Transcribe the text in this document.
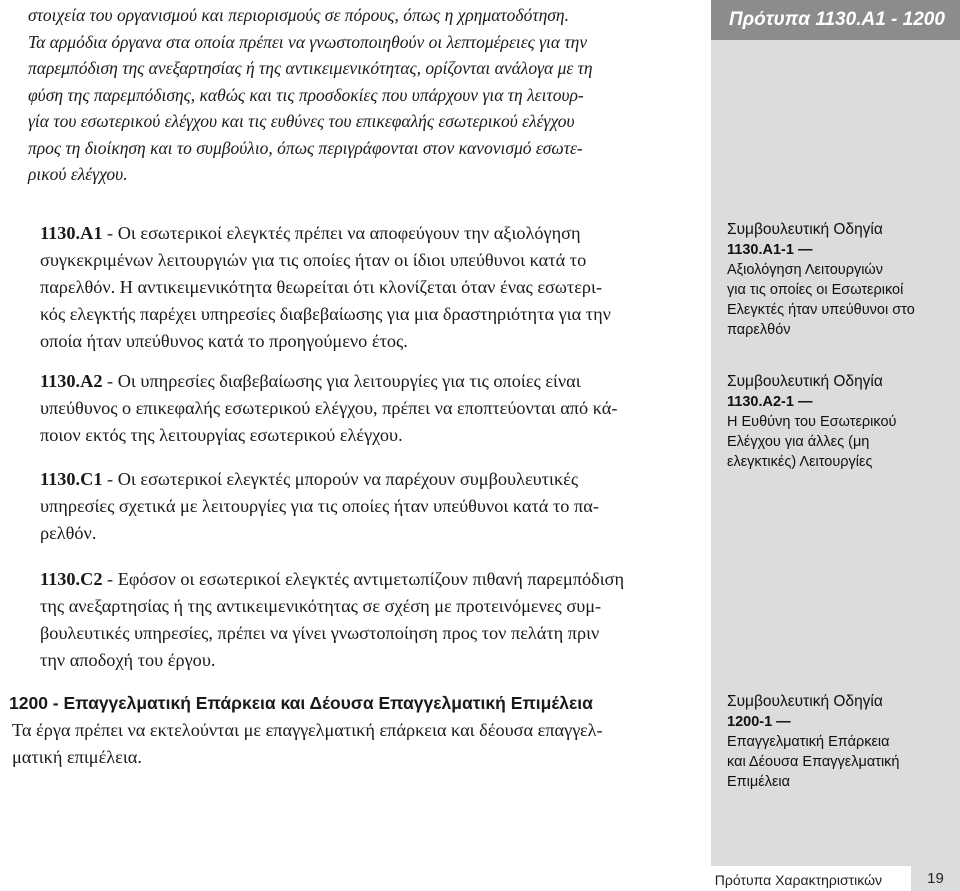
στοιχεία του οργανισμού και περιορισμούς σε πόρους, όπως η χρηματοδότηση.
Τα αρμόδια όργανα στα οποία πρέπει να γνωστοποιηθούν οι λεπτομέρειες για την
παρεμπόδιση της ανεξαρτησίας ή της αντικειμενικότητας, ορίζονται ανάλογα με τη
φύση της παρεμπόδισης, καθώς και τις προσδοκίες που υπάρχουν για τη λειτουρ-
γία του εσωτερικού ελέγχου και τις ευθύνες του επικεφαλής εσωτερικού ελέγχου
προς τη διοίκηση και το συμβούλιο, όπως περιγράφονται στον κανονισμό εσωτε-
ρικού ελέγχου.

1130.A1 - Οι εσωτερικοί ελεγκτές πρέπει να αποφεύγουν την αξιολόγηση
συγκεκριμένων λειτουργιών για τις οποίες ήταν οι ίδιοι υπεύθυνοι κατά το
παρελθόν. Η αντικειμενικότητα θεωρείται ότι κλονίζεται όταν ένας εσωτερι-
κός ελεγκτής παρέχει υπηρεσίες διαβεβαίωσης για μια δραστηριότητα για την
οποία ήταν υπεύθυνος κατά το προηγούμενο έτος.

1130.A2 - Οι υπηρεσίες διαβεβαίωσης για λειτουργίες για τις οποίες είναι
υπεύθυνος ο επικεφαλής εσωτερικού ελέγχου, πρέπει να εποπτεύονται από κά-
ποιον εκτός της λειτουργίας εσωτερικού ελέγχου.

1130.C1 - Οι εσωτερικοί ελεγκτές μπορούν να παρέχουν συμβουλευτικές
υπηρεσίες σχετικά με λειτουργίες για τις οποίες ήταν υπεύθυνοι κατά το πα-
ρελθόν.

1130.C2 - Εφόσον οι εσωτερικοί ελεγκτές αντιμετωπίζουν πιθανή παρεμπόδιση
της ανεξαρτησίας ή της αντικειμενικότητας σε σχέση με προτεινόμενες συμ-
βουλευτικές υπηρεσίες, πρέπει να γίνει γνωστοποίηση προς τον πελάτη πριν
την αποδοχή του έργου.

1200 - Επαγγελματική Επάρκεια και Δέουσα Επαγγελματική Επιμέλεια

Τα έργα πρέπει να εκτελούνται με επαγγελματική επάρκεια και δέουσα επαγγελ-
ματική επιμέλεια.

Πρότυπα 1130.A1 - 1200
Συμβουλευτική Οδηγία
1130.A1-1 —
Αξιολόγηση Λειτουργιών
για τις οποίες οι Εσωτερικοί
Ελεγκτές ήταν υπεύθυνοι στο
παρελθόν
Συμβουλευτική Οδηγία
1130.A2-1 —
Η Ευθύνη του Εσωτερικού
Ελέγχου για άλλες (μη
ελεγκτικές) Λειτουργίες
Συμβουλευτική Οδηγία
1200-1 —
Επαγγελματική Επάρκεια
και Δέουσα Επαγγελματική
Επιμέλεια
Πρότυπα Χαρακτηριστικών	19
